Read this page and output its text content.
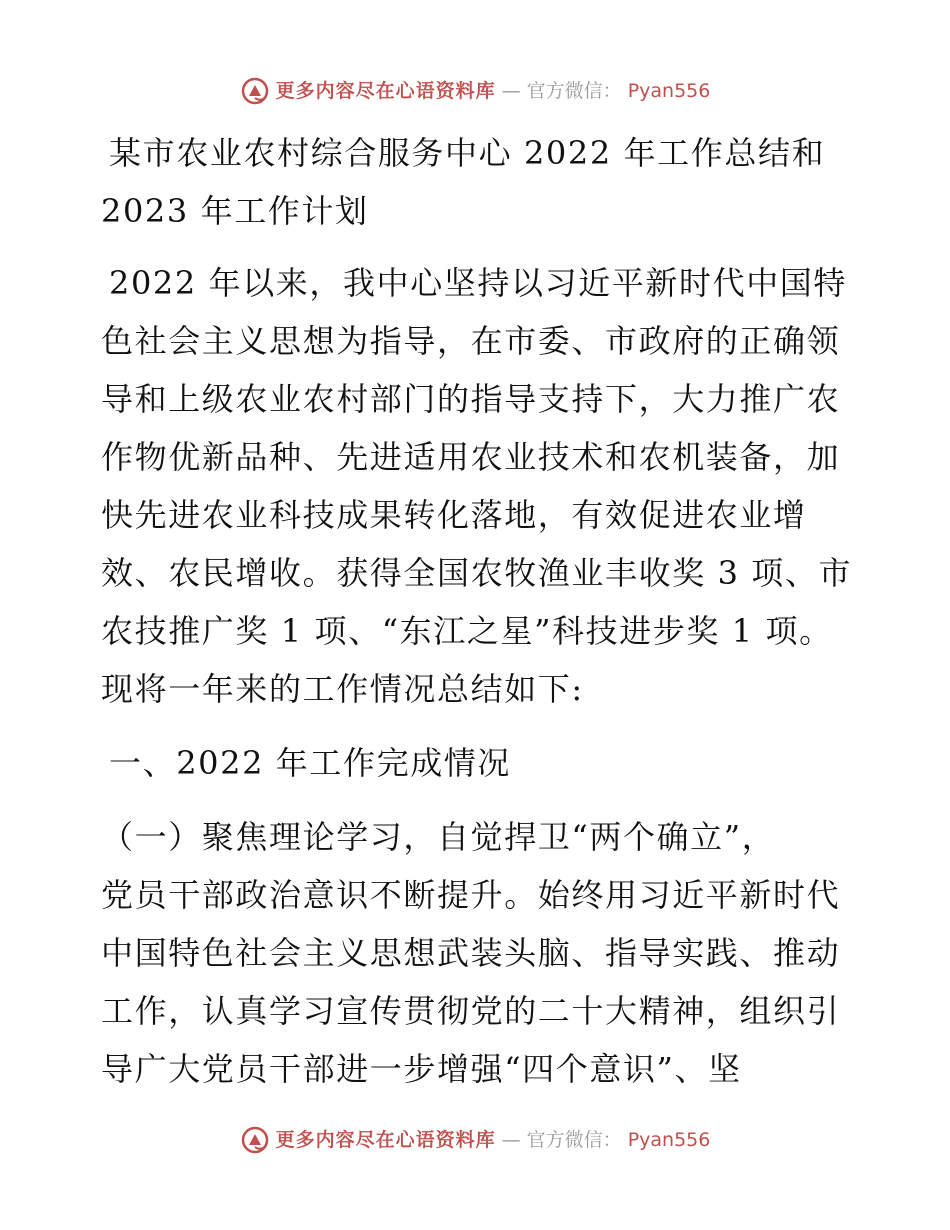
更多内容尽在心语资料库 — 官方微信： Pyan556
某市农业农村综合服务中心 2022 年工作总结和
2023 年工作计划
2022 年以来，我中心坚持以习近平新时代中国特
色社会主义思想为指导，在市委、市政府的正确领
导和上级农业农村部门的指导支持下，大力推广农
作物优新品种、先进适用农业技术和农机装备，加
快先进农业科技成果转化落地，有效促进农业增
效、农民增收。获得全国农牧渔业丰收奖 3 项、市
农技推广奖 1 项、“东江之星”科技进步奖 1 项。
现将一年来的工作情况总结如下:
一、2022 年工作完成情况
（一）聚焦理论学习，自觉捍卫“两个确立”，
党员干部政治意识不断提升。始终用习近平新时代
中国特色社会主义思想武装头脑、指导实践、推动
工作，认真学习宣传贯彻党的二十大精神，组织引
导广大党员干部进一步增强“四个意识”、坚
更多内容尽在心语资料库 — 官方微信： Pyan556
